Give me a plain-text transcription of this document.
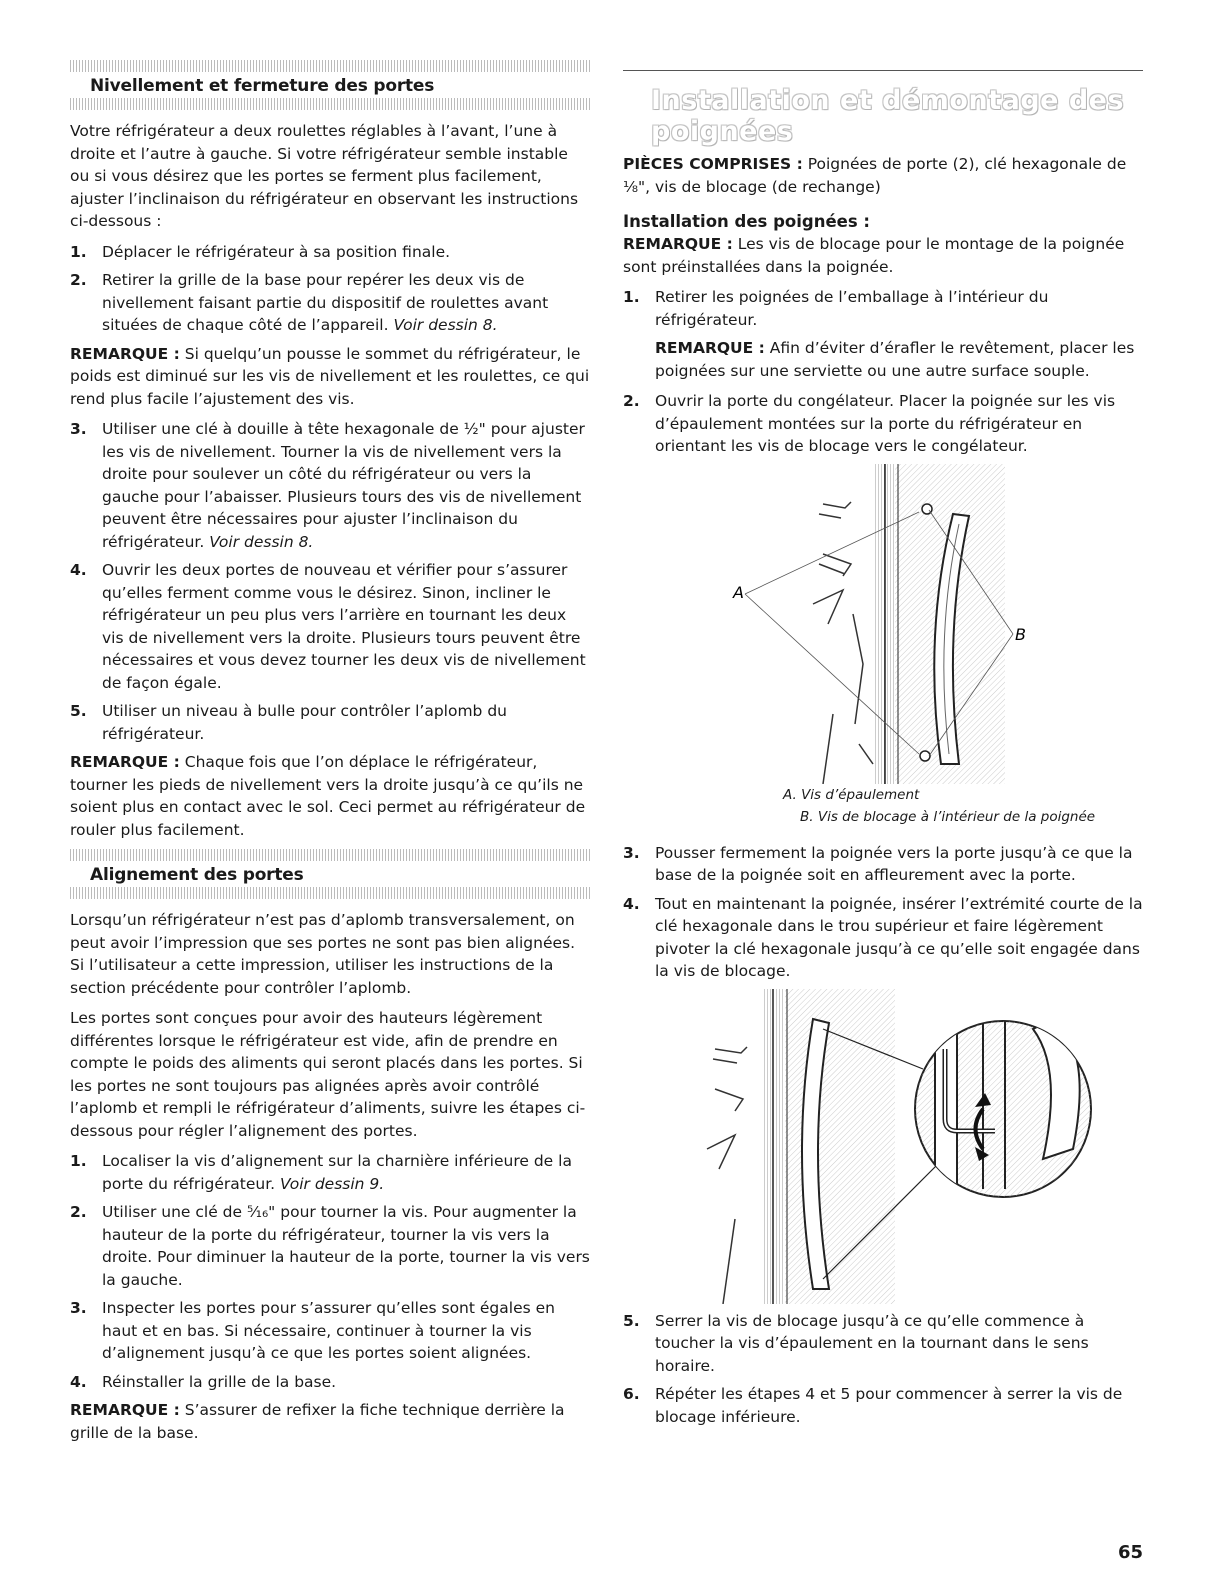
Nivellement et fermeture des portes

Votre réfrigérateur a deux roulettes réglables à l’avant, l’une à droite et l’autre à gauche. Si votre réfrigérateur semble instable ou si vous désirez que les portes se ferment plus facilement, ajuster l’inclinaison du réfrigérateur en observant les instructions ci-dessous :

1. Déplacer le réfrigérateur à sa position finale.
2. Retirer la grille de la base pour repérer les deux vis de nivellement faisant partie du dispositif de roulettes avant situées de chaque côté de l’appareil. Voir dessin 8.

REMARQUE : Si quelqu’un pousse le sommet du réfrigérateur, le poids est diminué sur les vis de nivellement et les roulettes, ce qui rend plus facile l’ajustement des vis.

3. Utiliser une clé à douille à tête hexagonale de ½" pour ajuster les vis de nivellement. Tourner la vis de nivellement vers la droite pour soulever un côté du réfrigérateur ou vers la gauche pour l’abaisser. Plusieurs tours des vis de nivellement peuvent être nécessaires pour ajuster l’inclinaison du réfrigérateur. Voir dessin 8.
4. Ouvrir les deux portes de nouveau et vérifier pour s’assurer qu’elles ferment comme vous le désirez. Sinon, incliner le réfrigérateur un peu plus vers l’arrière en tournant les deux vis de nivellement vers la droite. Plusieurs tours peuvent être nécessaires et vous devez tourner les deux vis de nivellement de façon égale.
5. Utiliser un niveau à bulle pour contrôler l’aplomb du réfrigérateur.

REMARQUE : Chaque fois que l’on déplace le réfrigérateur, tourner les pieds de nivellement vers la droite jusqu’à ce qu’ils ne soient plus en contact avec le sol. Ceci permet au réfrigérateur de rouler plus facilement.

Alignement des portes

Lorsqu’un réfrigérateur n’est pas d’aplomb transversalement, on peut avoir l’impression que ses portes ne sont pas bien alignées. Si l’utilisateur a cette impression, utiliser les instructions de la section précédente pour contrôler l’aplomb.

Les portes sont conçues pour avoir des hauteurs légèrement différentes lorsque le réfrigérateur est vide, afin de prendre en compte le poids des aliments qui seront placés dans les portes. Si les portes ne sont toujours pas alignées après avoir contrôlé l’aplomb et rempli le réfrigérateur d’aliments, suivre les étapes ci-dessous pour régler l’alignement des portes.

1. Localiser la vis d’alignement sur la charnière inférieure de la porte du réfrigérateur. Voir dessin 9.
2. Utiliser une clé de ⁵⁄₁₆" pour tourner la vis. Pour augmenter la hauteur de la porte du réfrigérateur, tourner la vis vers la droite. Pour diminuer la hauteur de la porte, tourner la vis vers la gauche.
3. Inspecter les portes pour s’assurer qu’elles sont égales en haut et en bas. Si nécessaire, continuer à tourner la vis d’alignement jusqu’à ce que les portes soient alignées.
4. Réinstaller la grille de la base.

REMARQUE : S’assurer de refixer la fiche technique derrière la grille de la base.

Installation et démontage des poignées

PIÈCES COMPRISES : Poignées de porte (2), clé hexagonale de ⅛", vis de blocage (de rechange)

Installation des poignées :

REMARQUE : Les vis de blocage pour le montage de la poignée sont préinstallées dans la poignée.

1. Retirer les poignées de l’emballage à l’intérieur du réfrigérateur.
REMARQUE : Afin d’éviter d’érafler le revêtement, placer les poignées sur une serviette ou une autre surface souple.
2. Ouvrir la porte du congélateur. Placer la poignée sur les vis d’épaulement montées sur la porte du réfrigérateur en orientant les vis de blocage vers le congélateur.
A
B
A. Vis d’épaulement
B. Vis de blocage à l’intérieur de la poignée
3. Pousser fermement la poignée vers la porte jusqu’à ce que la base de la poignée soit en affleurement avec la porte.
4. Tout en maintenant la poignée, insérer l’extrémité courte de la clé hexagonale dans le trou supérieur et faire légèrement pivoter la clé hexagonale jusqu’à ce qu’elle soit engagée dans la vis de blocage.
5. Serrer la vis de blocage jusqu’à ce qu’elle commence à toucher la vis d’épaulement en la tournant dans le sens horaire.
6. Répéter les étapes 4 et 5 pour commencer à serrer la vis de blocage inférieure.
65
